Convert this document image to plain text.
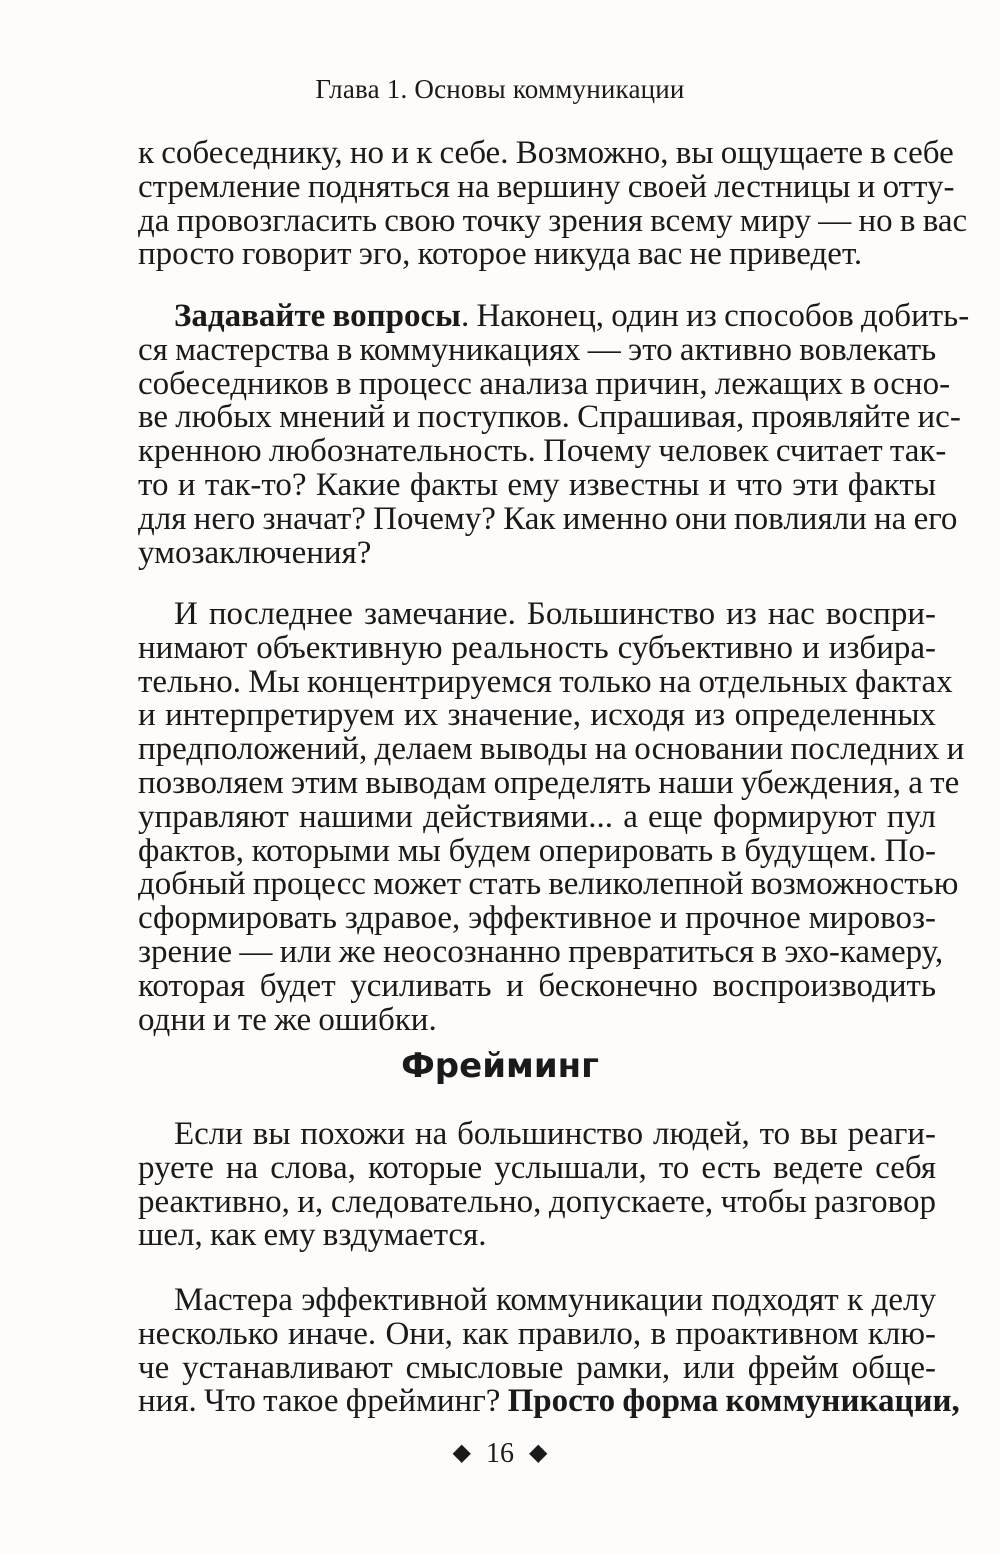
Глава 1. Основы коммуникации
к собеседнику, но и к себе. Возможно, вы ощущаете в себе
стремление подняться на вершину своей лестницы и отту-
да провозгласить свою точку зрения всему миру — но в вас
просто говорит эго, которое никуда вас не приведет.
Задавайте вопросы. Наконец, один из способов добить-
ся мастерства в коммуникациях — это активно вовлекать
собеседников в процесс анализа причин, лежащих в осно-
ве любых мнений и поступков. Спрашивая, проявляйте ис-
кренною любознательность. Почему человек считает так-
то и так-то? Какие факты ему известны и что эти факты
для него значат? Почему? Как именно они повлияли на его
умозаключения?
И последнее замечание. Большинство из нас воспри-
нимают объективную реальность субъективно и избира-
тельно. Мы концентрируемся только на отдельных фактах
и интерпретируем их значение, исходя из определенных
предположений, делаем выводы на основании последних и
позволяем этим выводам определять наши убеждения, а те
управляют нашими действиями... а еще формируют пул
фактов, которыми мы будем оперировать в будущем. По-
добный процесс может стать великолепной возможностью
сформировать здравое, эффективное и прочное мировоз-
зрение — или же неосознанно превратиться в эхо-камеру,
которая будет усиливать и бесконечно воспроизводить
одни и те же ошибки.
Фрейминг
Если вы похожи на большинство людей, то вы реаги-
руете на слова, которые услышали, то есть ведете себя
реактивно, и, следовательно, допускаете, чтобы разговор
шел, как ему вздумается.
Мастера эффективной коммуникации подходят к делу
несколько иначе. Они, как правило, в проактивном клю-
че устанавливают смысловые рамки, или фрейм обще-
ния. Что такое фрейминг? Просто форма коммуникации,
◆ 16 ◆
